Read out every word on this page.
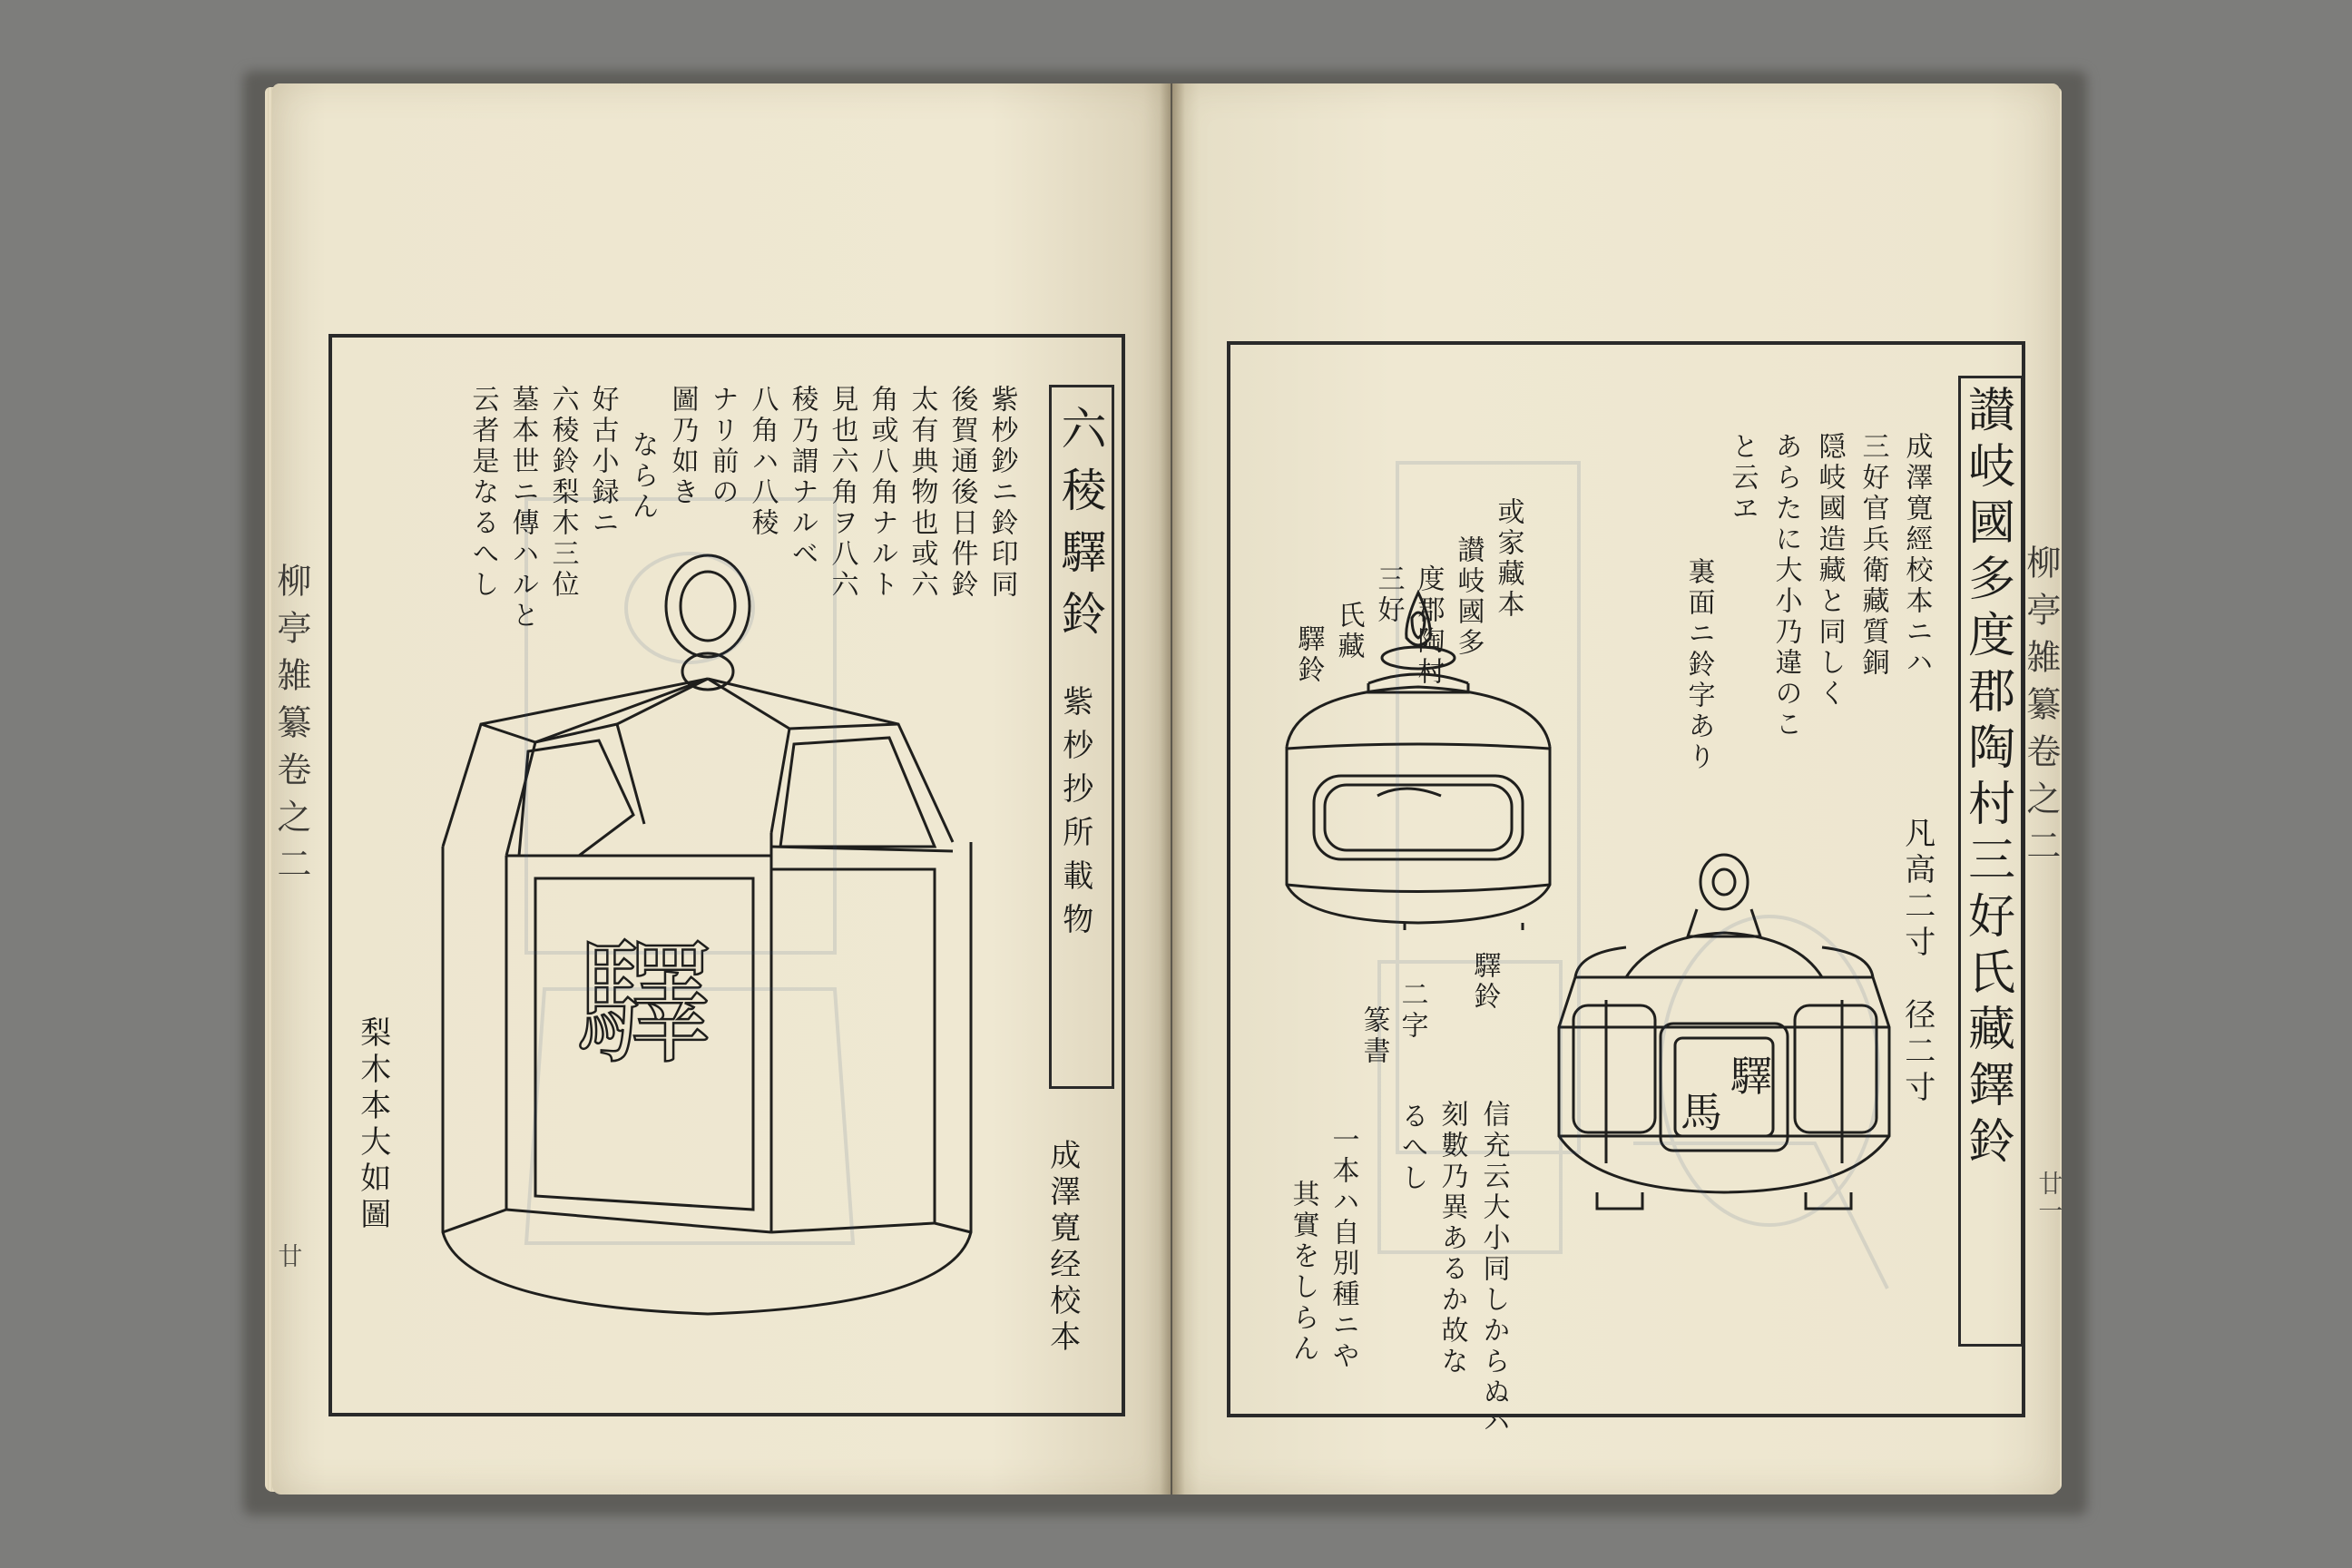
柳亭雑纂卷之二	柳亭雑纂卷之二
廿
廿一
六稜驛鈴
紫杪抄所載物
紫杪鈔ニ鈴印同
後賀通後日件鈴
太有典物也或六
角或八角ナルト
見也六角ヲ八六
稜乃謂ナルベ
八角ハ八稜
ナリ前の
圖乃如き
ならん
好古小録ニ
六稜鈴梨木三位
墓本世ニ傳ハルと
云者是なるへし
成澤寛经校本
梨木本大如圖
驛	讃岐國多度郡陶村三好氏藏鐸鈴
凡高二寸　径二寸
成澤寛經校本ニハ
三好官兵衛藏質銅
隠岐國造藏と同しく
あらたに大小乃違のこ
と云ヱ
裏面ニ鈴字あり
或家藏本
讃岐國多
度郡陶村
三好
氏藏
驛鈴
驛鈴
二字
篆書
るへし 信充云大小同しからぬハ
刻數乃異あるか故な
一本ハ自別種ニや
其實をしらん
驛
馬
